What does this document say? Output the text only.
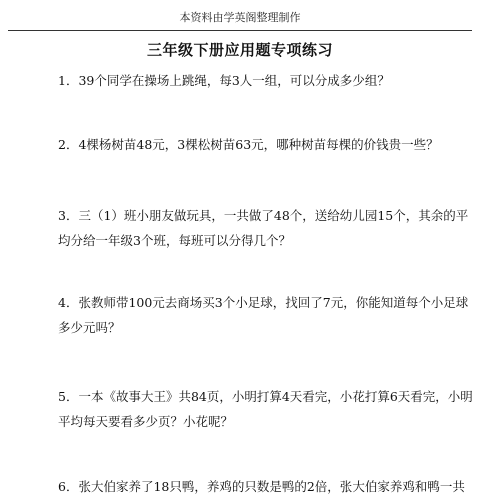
本资料由学英阁整理制作
三年级下册应用题专项练习
1．39个同学在操场上跳绳，每3人一组，可以分成多少组？
2．4棵杨树苗48元，3棵松树苗63元，哪种树苗每棵的价钱贵一些？
3．三（1）班小朋友做玩具，一共做了48个，送给幼儿园15个，其余的平
均分给一年级3个班，每班可以分得几个？
4．张教师带100元去商场买3个小足球，找回了7元，你能知道每个小足球
多少元吗？
5．一本《故事大王》共84页，小明打算4天看完，小花打算6天看完，小明
平均每天要看多少页？小花呢？
6．张大伯家养了18只鸭，养鸡的只数是鸭的2倍，张大伯家养鸡和鸭一共
